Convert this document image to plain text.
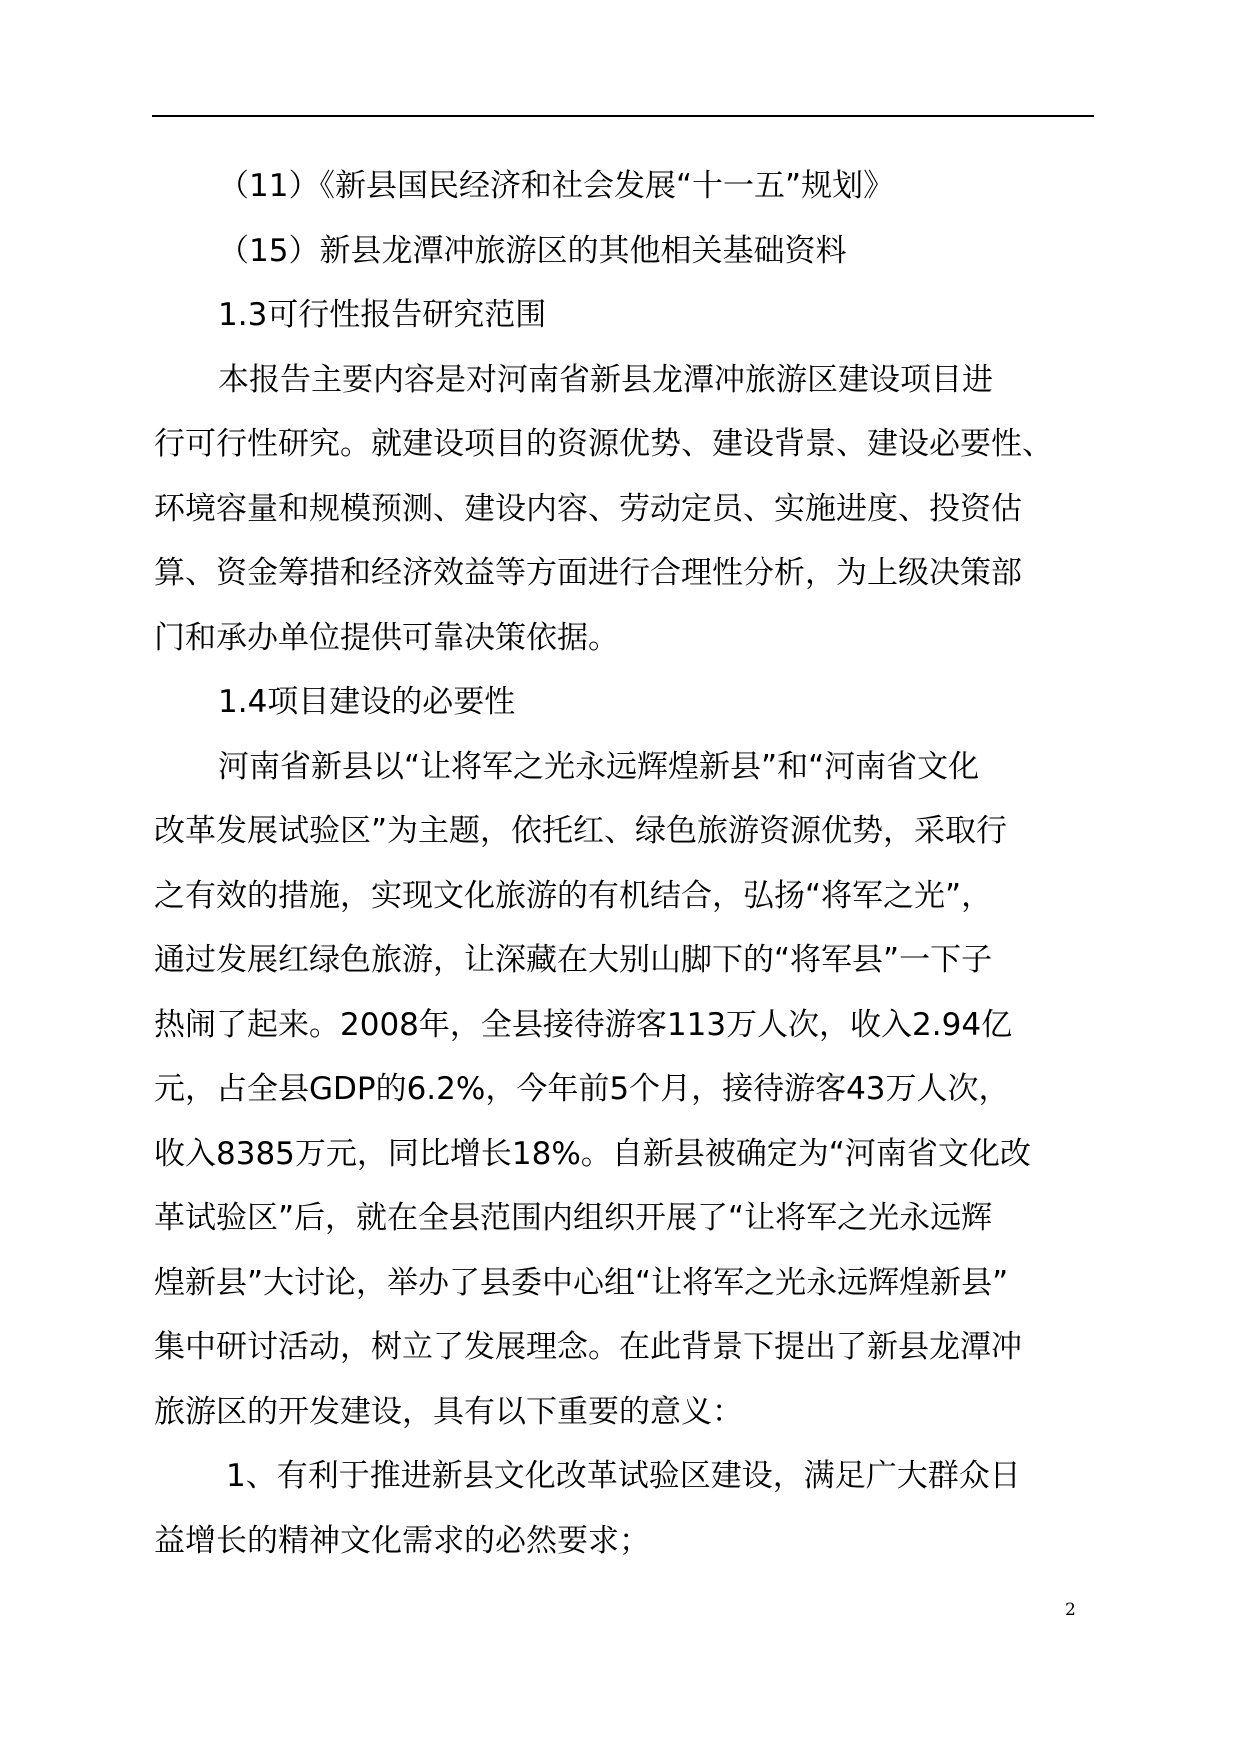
（11）《新县国民经济和社会发展“十一五”规划》

（15）新县龙潭冲旅游区的其他相关基础资料

1.3可行性报告研究范围

本报告主要内容是对河南省新县龙潭冲旅游区建设项目进

行可行性研究。就建设项目的资源优势、建设背景、建设必要性、

环境容量和规模预测、建设内容、劳动定员、实施进度、投资估

算、资金筹措和经济效益等方面进行合理性分析，为上级决策部

门和承办单位提供可靠决策依据。

1.4项目建设的必要性

河南省新县以“让将军之光永远辉煌新县”和“河南省文化

改革发展试验区”为主题，依托红、绿色旅游资源优势，采取行

之有效的措施，实现文化旅游的有机结合，弘扬“将军之光”，

通过发展红绿色旅游，让深藏在大别山脚下的“将军县”一下子

热闹了起来。2008年，全县接待游客113万人次，收入2.94亿

元，占全县GDP的6.2%，今年前5个月，接待游客43万人次，

收入8385万元，同比增长18%。自新县被确定为“河南省文化改

革试验区”后，就在全县范围内组织开展了“让将军之光永远辉

煌新县”大讨论，举办了县委中心组“让将军之光永远辉煌新县”

集中研讨活动，树立了发展理念。在此背景下提出了新县龙潭冲

旅游区的开发建设，具有以下重要的意义：

1、有利于推进新县文化改革试验区建设，满足广大群众日

益增长的精神文化需求的必然要求；

2
